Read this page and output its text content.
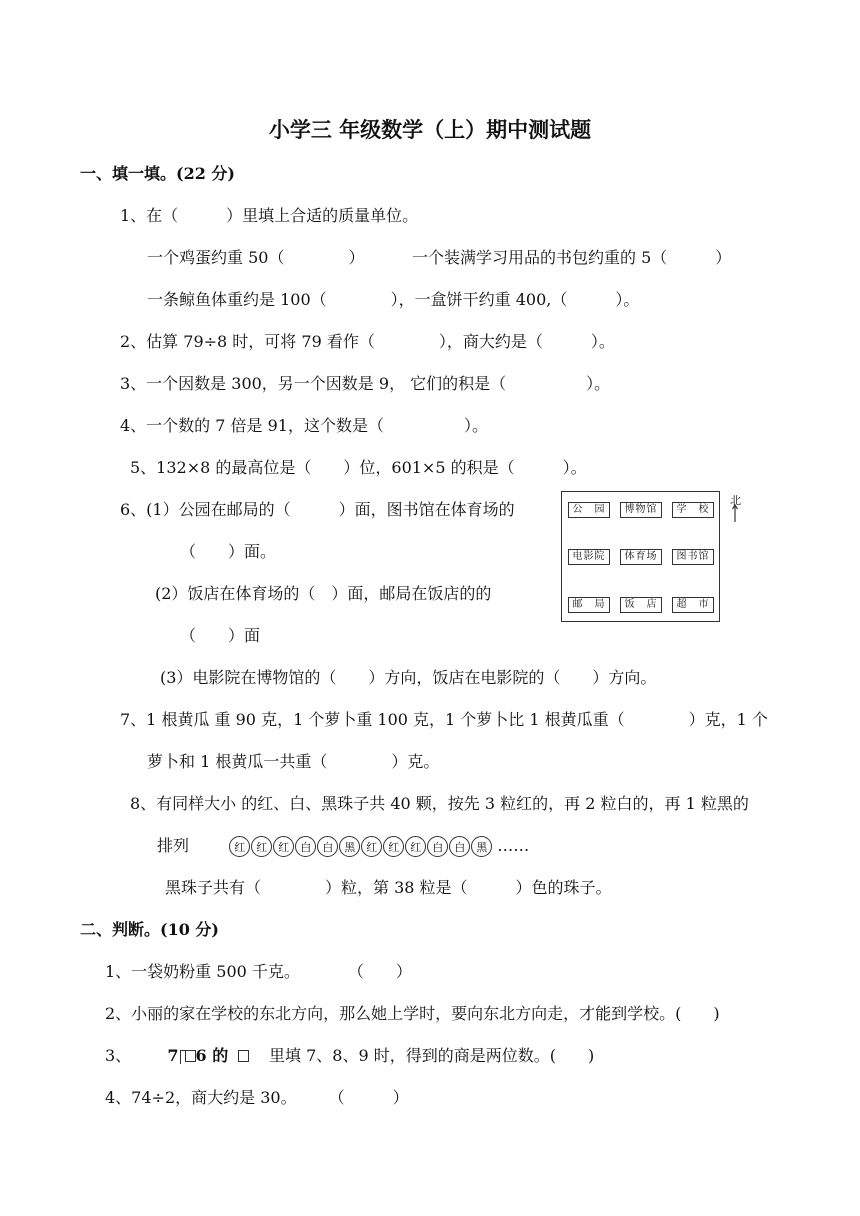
小学三 年级数学（上）期中测试题
一、填一填。(22 分)
1、在（　　　）里填上合适的质量单位。
一个鸡蛋约重 50（　　　　）	一个装满学习用品的书包约重的 5（　　　）
一条鲸鱼体重约是 100（　　　　），一盒饼干约重 400,（　　　）。
2、估算 79÷8 时，可将 79 看作（　　　　），商大约是（　　　）。
3、一个因数是 300，另一个因数是 9， 它们的积是（　　　　　）。
4、一个数的 7 倍是 91，这个数是（　　　　　）。
5、132×8 的最高位是（　　）位，601×5 的积是（　　　）。
6、(1）公园在邮局的（　　　）面，图书馆在体育场的
（　　）面。
(2）饭店在体育场的（　）面，邮局在饭店的的
（　　）面
(3）电影院在博物馆的（　　）方向，饭店在电影院的（　　）方向。
公　园	博物馆	学　校
电影院	体育场	图书馆
邮　局	饭　店	超　市
北
7、1 根黄瓜 重 90 克，1 个萝卜重 100 克，1 个萝卜比 1 根黄瓜重（　　　　）克，1 个
萝卜和 1 根黄瓜一共重（　　　　）克。
8、有同样大小 的红、白、黑珠子共 40 颗，按先 3 粒红的，再 2 粒白的，再 1 粒黑的
排列	红	红	红	白	白	黑	红	红	红	白	白	黑 ……
黑珠子共有（　　　　）粒，第 38 粒是（　　　）色的珠子。
二、判断。(10 分)
1、一袋奶粉重 500 千克。　　　　（　　）
2、小丽的家在学校的东北方向，那么她上学时，要向东北方向走，才能到学校。(　　)
3、 7 6 的	里填 7、8、9 时，得到的商是两位数。(　　)
4、74÷2，商大约是 30。　　　（　　　）
